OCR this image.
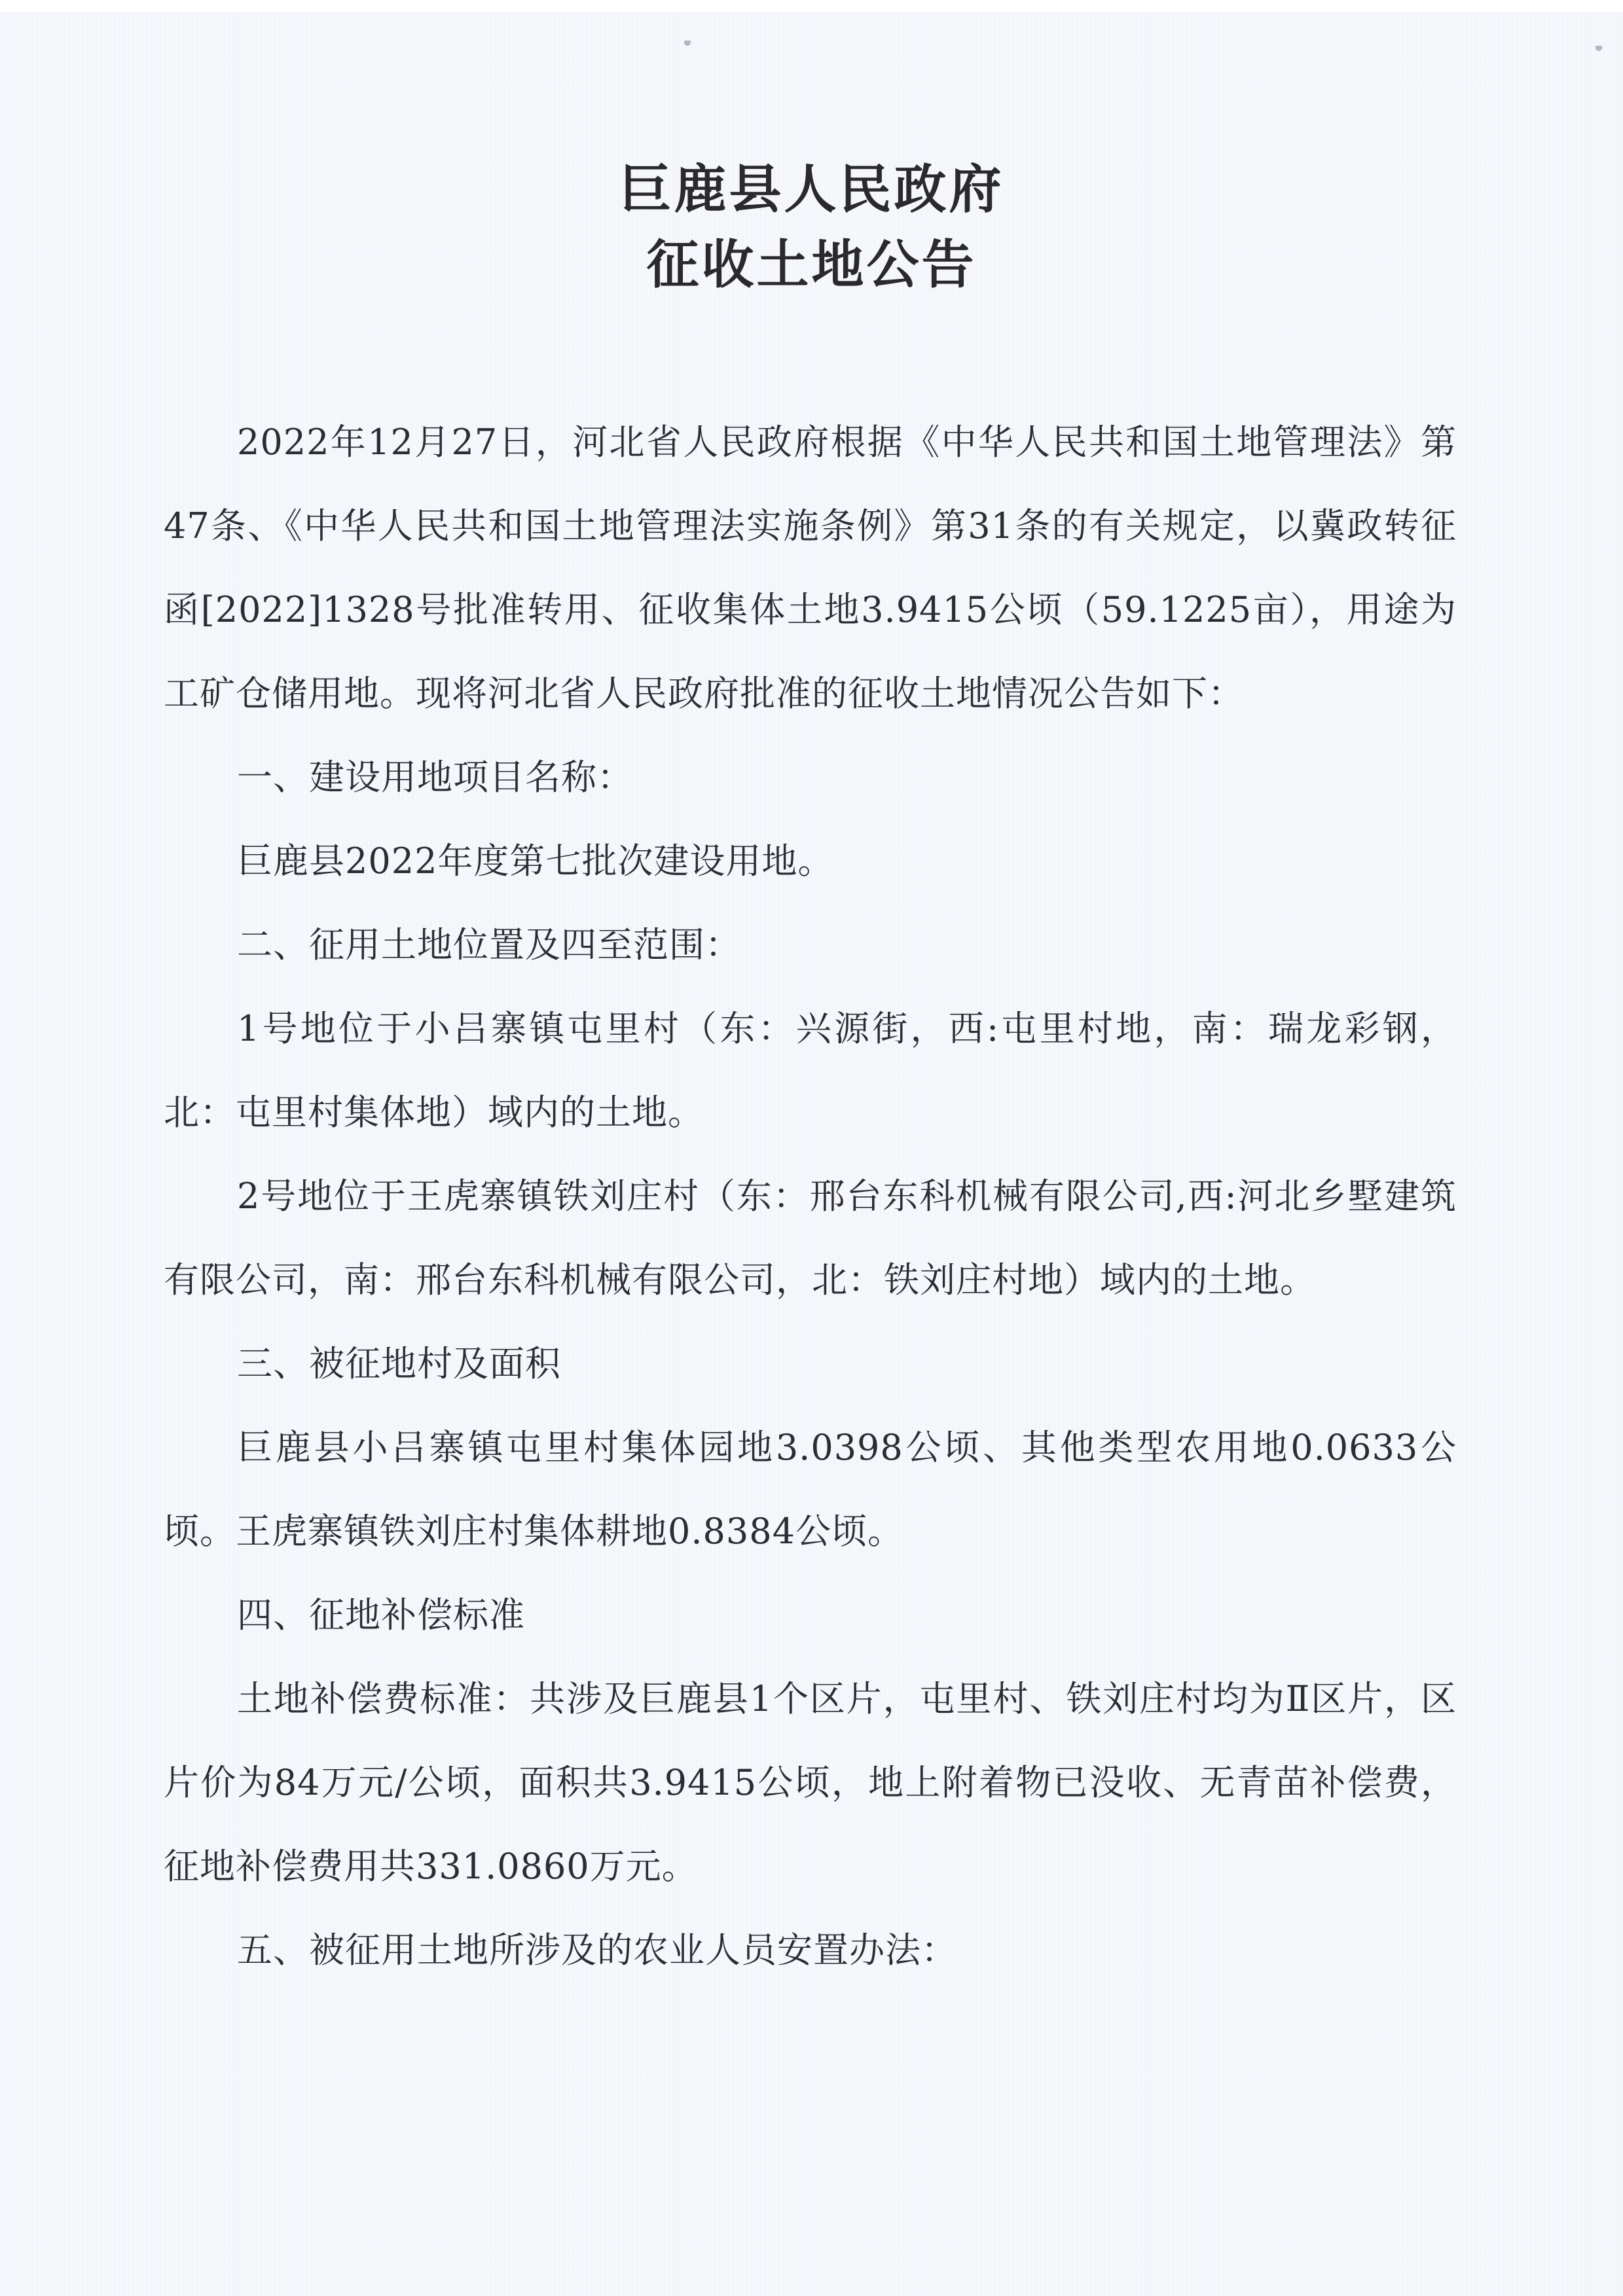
巨鹿县人民政府
征收土地公告

2022年12月27日，河北省人民政府根据《中华人民共和国土地管理法》第47条、《中华人民共和国土地管理法实施条例》第31条的有关规定，以冀政转征函[2022]1328号批准转用、征收集体土地3.9415公顷（59.1225亩），用途为工矿仓储用地。现将河北省人民政府批准的征收土地情况公告如下：

一、建设用地项目名称：

巨鹿县2022年度第七批次建设用地。

二、征用土地位置及四至范围：

1号地位于小吕寨镇屯里村（东：兴源街，西:屯里村地，南：瑞龙彩钢，北：屯里村集体地）域内的土地。

2号地位于王虎寨镇铁刘庄村（东：邢台东科机械有限公司,西:河北乡墅建筑有限公司，南：邢台东科机械有限公司，北：铁刘庄村地）域内的土地。

三、被征地村及面积

巨鹿县小吕寨镇屯里村集体园地3.0398公顷、其他类型农用地0.0633公顷。王虎寨镇铁刘庄村集体耕地0.8384公顷。

四、征地补偿标准

土地补偿费标准：共涉及巨鹿县1个区片，屯里村、铁刘庄村均为Ⅱ区片，区片价为84万元/公顷，面积共3.9415公顷，地上附着物已没收、无青苗补偿费，征地补偿费用共331.0860万元。

五、被征用土地所涉及的农业人员安置办法：
